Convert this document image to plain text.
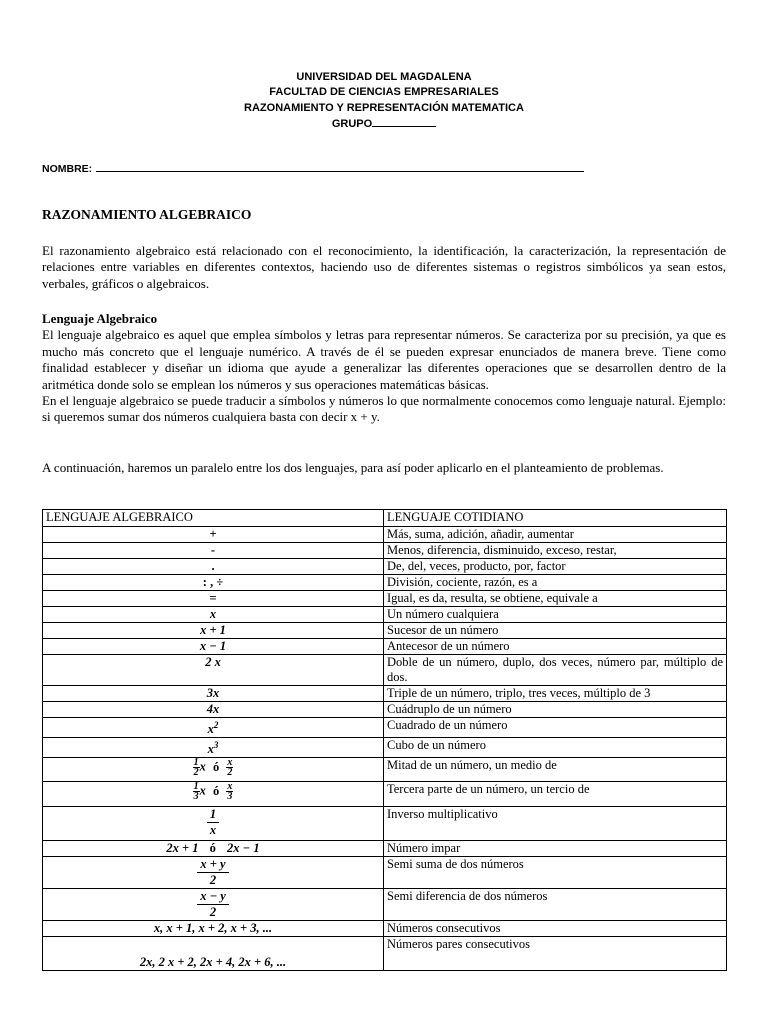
UNIVERSIDAD DEL MAGDALENA
FACULTAD DE CIENCIAS EMPRESARIALES
RAZONAMIENTO Y REPRESENTACIÓN MATEMATICA
GRUPO
NOMBRE:
RAZONAMIENTO ALGEBRAICO
El razonamiento algebraico está relacionado con el reconocimiento, la identificación, la caracterización, la representación de relaciones entre variables en diferentes contextos, haciendo uso de diferentes sistemas o registros simbólicos ya sean estos, verbales, gráficos o algebraicos.
Lenguaje Algebraico
El lenguaje algebraico es aquel que emplea símbolos y letras para representar números. Se caracteriza por su precisión, ya que es mucho más concreto que el lenguaje numérico. A través de él se pueden expresar enunciados de manera breve. Tiene como finalidad establecer y diseñar un idioma que ayude a generalizar las diferentes operaciones que se desarrollen dentro de la aritmética donde solo se emplean los números y sus operaciones matemáticas básicas.
En el lenguaje algebraico se puede traducir a símbolos y números lo que normalmente conocemos como lenguaje natural. Ejemplo: si queremos sumar dos números cualquiera basta con decir x + y.
A continuación, haremos un paralelo entre los dos lenguajes, para así poder aplicarlo en el planteamiento de problemas.
LENGUAJE ALGEBRAICO	LENGUAJE COTIDIANO
+	Más, suma, adición, añadir, aumentar
-	Menos, diferencia, disminuido, exceso, restar,
.	De, del, veces, producto, por, factor
: , ÷	División, cociente, razón, es a
=	Igual, es da, resulta, se obtiene, equivale a
x	Un número cualquiera
x + 1	Sucesor de un número
x − 1	Antecesor de un número
2 x	Doble de un número, duplo, dos veces, número par, múltiplo de dos.
3x	Triple de un número, triplo, tres veces, múltiplo de 3
4x	Cuádruplo de un número
$x^2$	Cuadrado de un número
$x^3$	Cubo de un número

$\frac{1}{2}$ x ó $\frac{x}{2}$	Mitad de un número, un medio de

$\frac{1}{3}$ x ó $\frac{x}{3}$	Tercera parte de un número, un tercio de

$\frac{1}{x}$	Inverso multiplicativo
2x + 1 ó 2x − 1	Número impar

$\frac{x + y}{2}$	Semi suma de dos números

$\frac{x - y}{2}$	Semi diferencia de dos números
x, x + 1, x + 2, x + 3, ...	Números consecutivos
2x, 2 x + 2, 2x + 4, 2x + 6, ...	Números pares consecutivos
